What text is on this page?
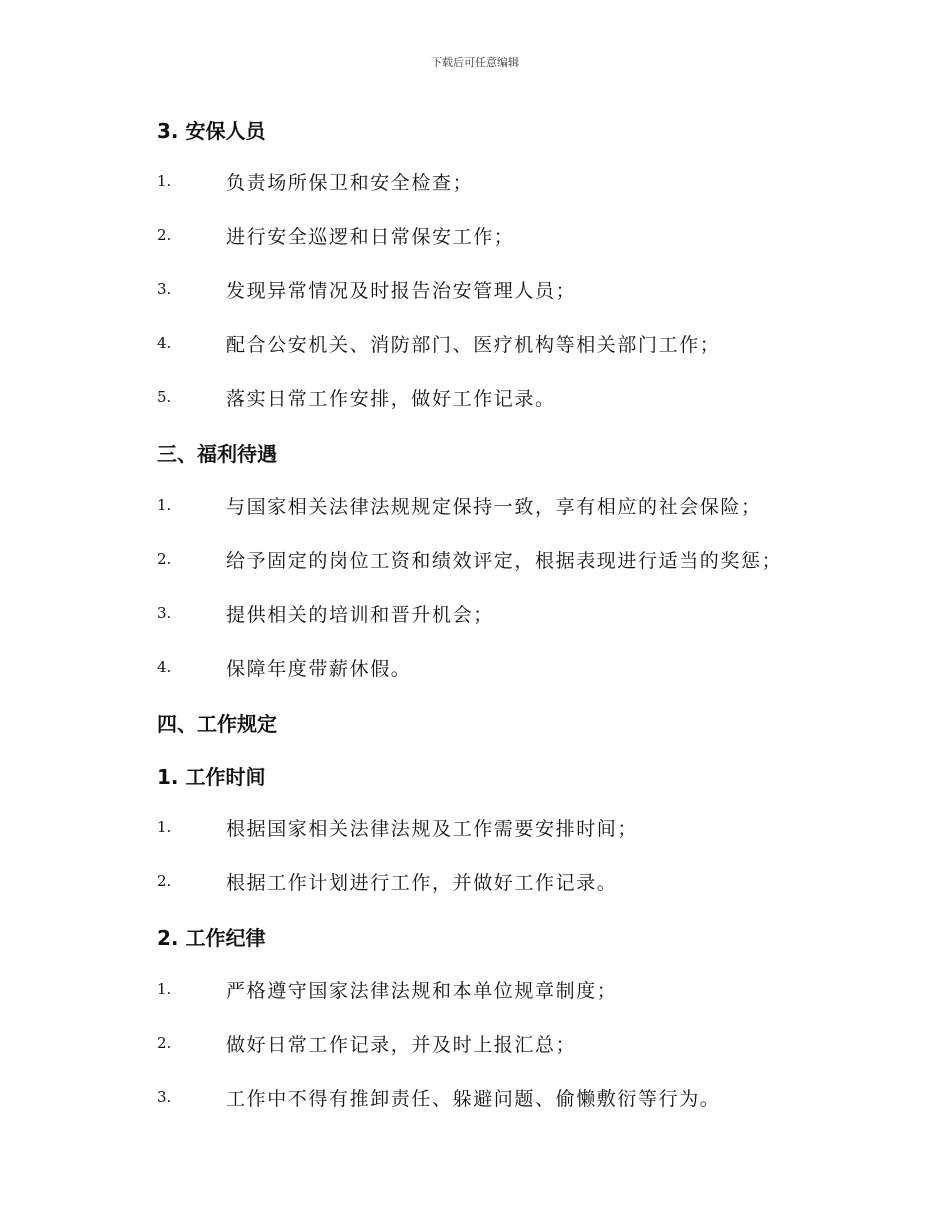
下载后可任意编辑
3. 安保人员
1.	负责场所保卫和安全检查；
2.	进行安全巡逻和日常保安工作；
3.	发现异常情况及时报告治安管理人员；
4.	配合公安机关、消防部门、医疗机构等相关部门工作；
5.	落实日常工作安排，做好工作记录。
三、福利待遇
1.	与国家相关法律法规规定保持一致，享有相应的社会保险；
2.	给予固定的岗位工资和绩效评定，根据表现进行适当的奖惩；
3.	提供相关的培训和晋升机会；
4.	保障年度带薪休假。
四、工作规定
1. 工作时间
1.	根据国家相关法律法规及工作需要安排时间；
2.	根据工作计划进行工作，并做好工作记录。
2. 工作纪律
1.	严格遵守国家法律法规和本单位规章制度；
2.	做好日常工作记录，并及时上报汇总；
3.	工作中不得有推卸责任、躲避问题、偷懒敷衍等行为。
